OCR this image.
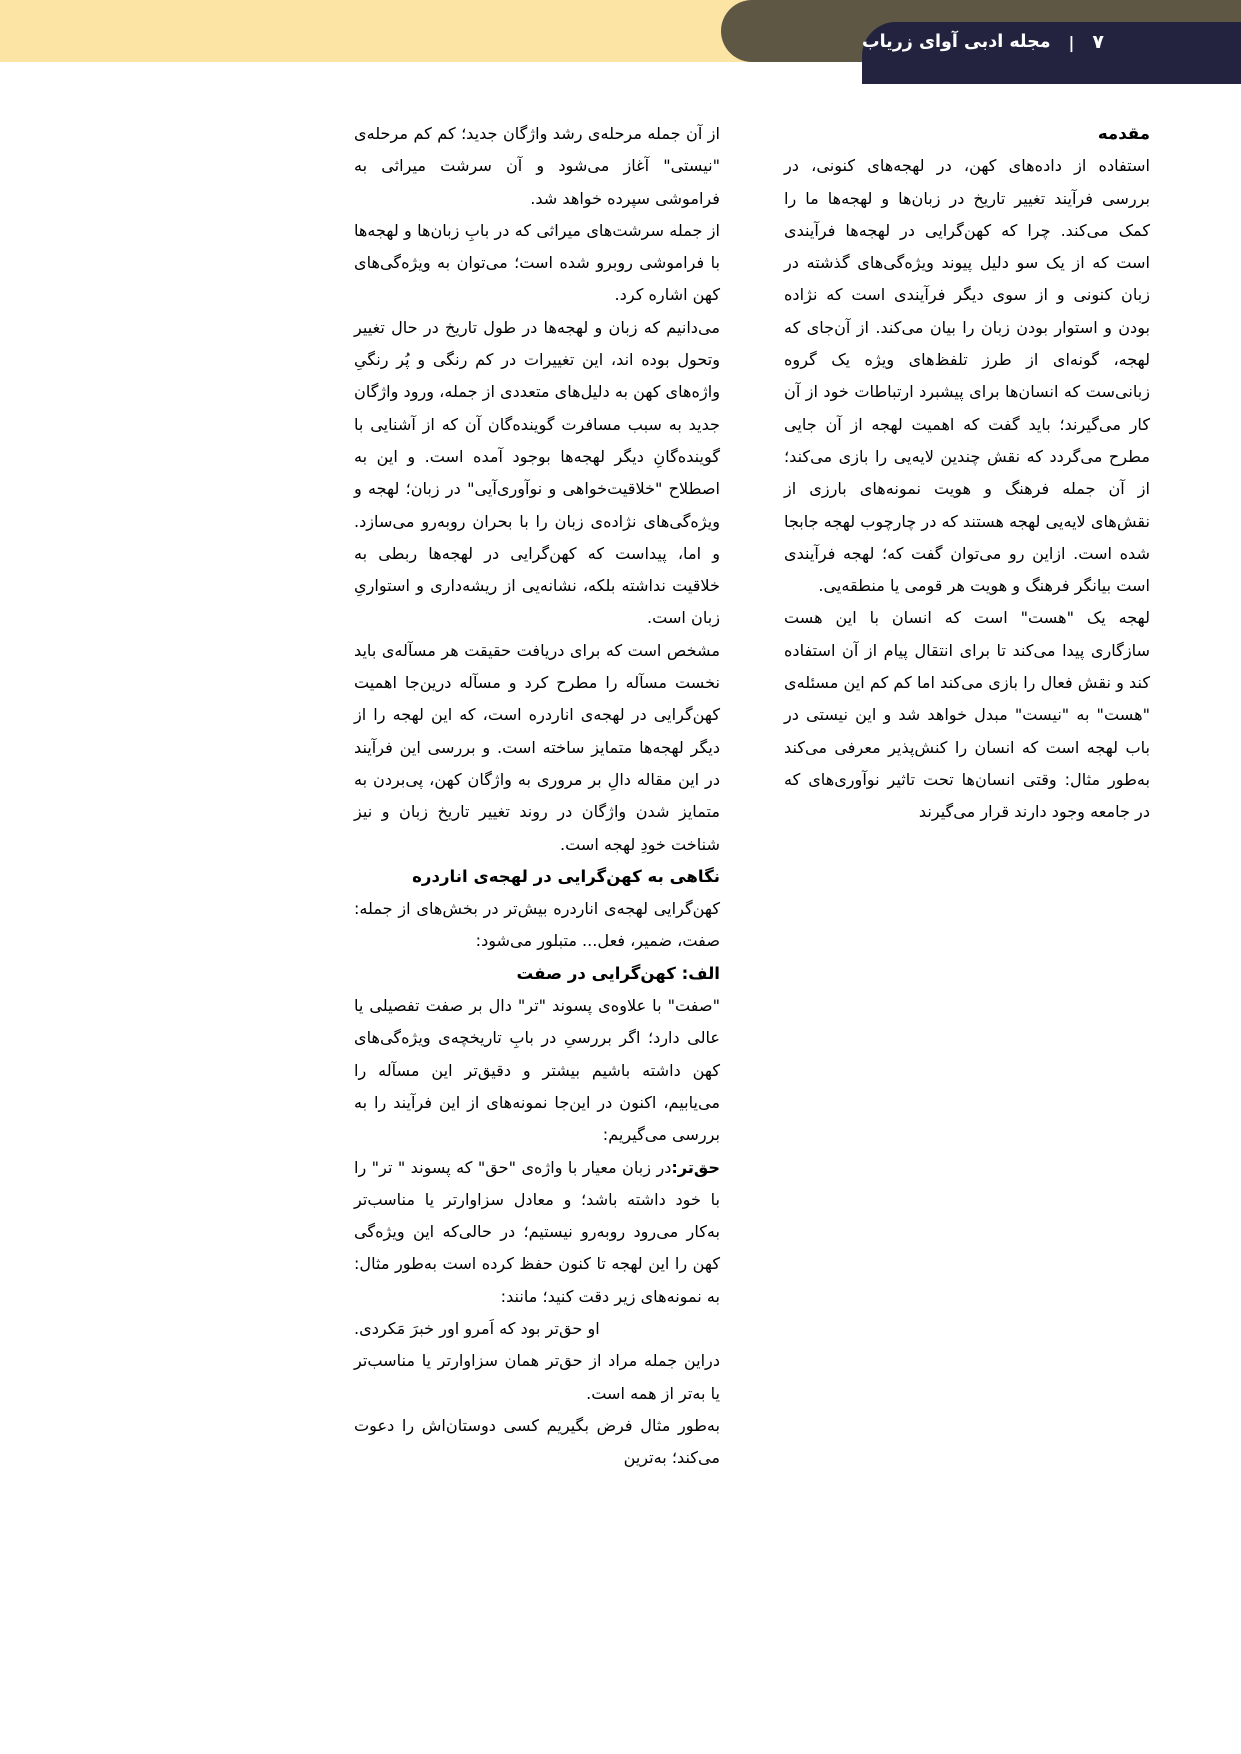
۷
|
مجله ادبی آوای زریاب
مقدمه

استفاده از داده‌های کهن، در لهجه‌های کنونی، در بررسی فرآیند تغییر تاریخ در زبان‌ها و لهجه‌ها ما را کمک می‌کند. چرا که کهن‌گرایی در لهجه‌ها فرآیندی است که از یک سو دلیل پیوند ویژه‌گی‌های گذشته در زبان کنونی و از سوی دیگر فرآیندی است که نژاده بودن و استوار بودن زبان را بیان می‌کند. از آن‌جای که لهجه، گونه‌ای از طرز تلفظ‌های ویژه یک گروه زبانی‌ست که انسان‌ها برای پیشبرد ارتباطات خود از آن کار می‌گیرند؛ باید گفت که اهمیت لهجه از آن جایی مطرح می‌گردد که نقش چندین لایه‌یی را بازی می‌کند؛ از آن جمله فرهنگ و هویت نمونه‌های بارزی از نقش‌های لایه‌یی لهجه هستند که در چارچوب لهجه جابجا شده است. ازاین رو می‌توان گفت که؛ لهجه فرآیندی است بیانگر فرهنگ و هویت هر قومی یا منطقه‌یی.

لهجه یک "هست" است که انسان با این هست سازگاری پیدا می‌کند تا برای انتقال پیام از آن استفاده کند و نقش فعال را بازی می‌کند اما کم کم این مسئله‌ی "هست" به "نیست" مبدل خواهد شد و این نیستی در باب لهجه است که انسان را کنش‌پذیر معرفی می‌کند به‌طور مثال: وقتی انسان‌ها تحت تاثیر نوآوری‌های که در جامعه وجود دارند قرار می‌گیرند

از آن جمله مرحله‌ی رشد واژگان جدید؛ کم کم مرحله‌ی "نیستی" آغاز می‌شود و آن سرشت میراثی به فراموشی سپرده خواهد شد.

از جمله سرشت‌های میراثی که در بابِ زبان‌ها و لهجه‌ها با فراموشی روبرو شده است؛ می‌توان به ویژه‌گی‌های کهن اشاره کرد.

می‌دانیم که زبان و لهجه‌ها در طول تاریخ در حال تغییر وتحول بوده اند، این تغییرات در کم رنگی و پُر رنگیِ واژه‌های کهن به دلیل‌های متعددی از جمله، ورود واژگان جدید به سبب مسافرت گوینده‌گان آن که از آشنایی با گوینده‌گانِ دیگر لهجه‌ها بوجود آمده است. و این به اصطلاح "خلاقیت‌خواهی و نوآوری‌آیی" در زبان؛ لهجه و ویژه‌گی‌های نژاده‌ی زبان را با بحران روبه‌رو می‌سازد. و اما، پیداست که کهن‌گرایی در لهجه‌ها ربطی به خلاقیت نداشته بلکه، نشانه‌یی از ریشه‌داری و استواریِ زبان است.

مشخص است که برای دریافت حقیقت هر مسآله‌ی باید نخست مسآله را مطرح کرد و مسآله درین‌جا اهمیت کهن‌گرایی در لهجه‌ی اناردره است، که این لهجه را از دیگر لهجه‌ها متمایز ساخته است. و بررسی این فرآیند در این مقاله دالِ بر مروری به واژگان کهن، پی‌بردن به متمایز شدن واژگان در روند تغییر تاریخ زبان و نیز شناخت خودِ لهجه است.

نگاهی به کهن‌گرایی در لهجه‌ی اناردره

کهن‌گرایی لهجه‌ی اناردره بیش‌تر در بخش‌های از جمله: صفت، ضمیر، فعل... متبلور می‌شود:

الف: کهن‌گرایی در صفت

"صفت" با علاوه‌ی پسوند "تر" دال بر صفت تفصیلی یا عالی دارد؛ اگر بررسیِ در بابِ تاریخچه‌ی ویژه‌گی‌های کهن داشته باشیم بیشتر و دقیق‌تر این مسآله را می‌یابیم، اکنون در این‌جا نمونه‌های از این فرآیند را به بررسی می‌گیریم:

حق‌تر:در زبان معیار با واژه‌ی "حق" که پسوند " تر" را با خود داشته باشد؛ و معادل سزاوارتر یا مناسب‌تر به‌کار می‌رود روبه‌رو نیستیم؛ در حالی‌که این ویژه‌گی کهن را این لهجه تا کنون حفظ کرده است به‌طور مثال: به نمونه‌های زیر دقت کنید؛ مانند:

او حق‌تر بود که اَمرو اور خبرَ مَکردی.

دراین جمله مراد از حق‌تر همان سزاوارتر یا مناسب‌تر یا به‌تر از همه است.

به‌طور مثال فرض بگیریم کسی دوستان‌اش را دعوت می‌کند؛ به‌ترین
